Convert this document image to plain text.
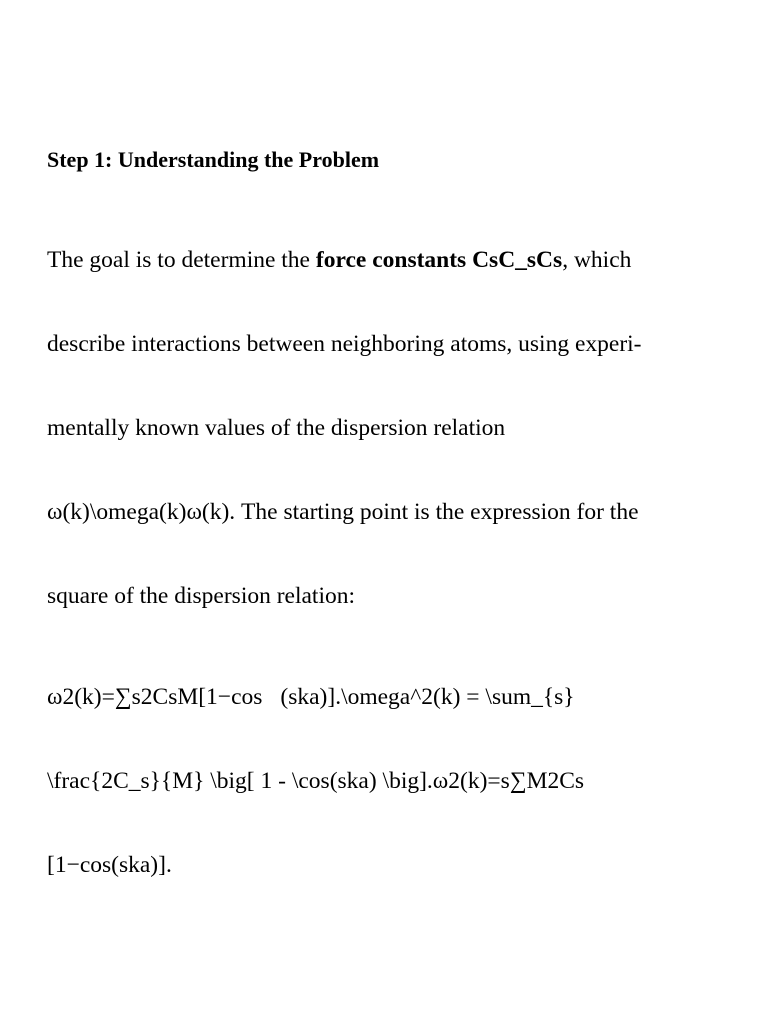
Step 1: Understanding the Problem
The goal is to determine the force constants CsC_sCs, which
describe interactions between neighboring atoms, using experi-
mentally known values of the dispersion relation
ω(k)\omega(k)ω(k). The starting point is the expression for the
square of the dispersion relation:
ω2(k)=∑s2CsM[1−cos (ska)].\omega^2(k) = \sum_{s}
\frac{2C_s}{M} \big[ 1 - \cos(ska) \big].ω2(k)=s∑M2Cs
[1−cos(ska)].
